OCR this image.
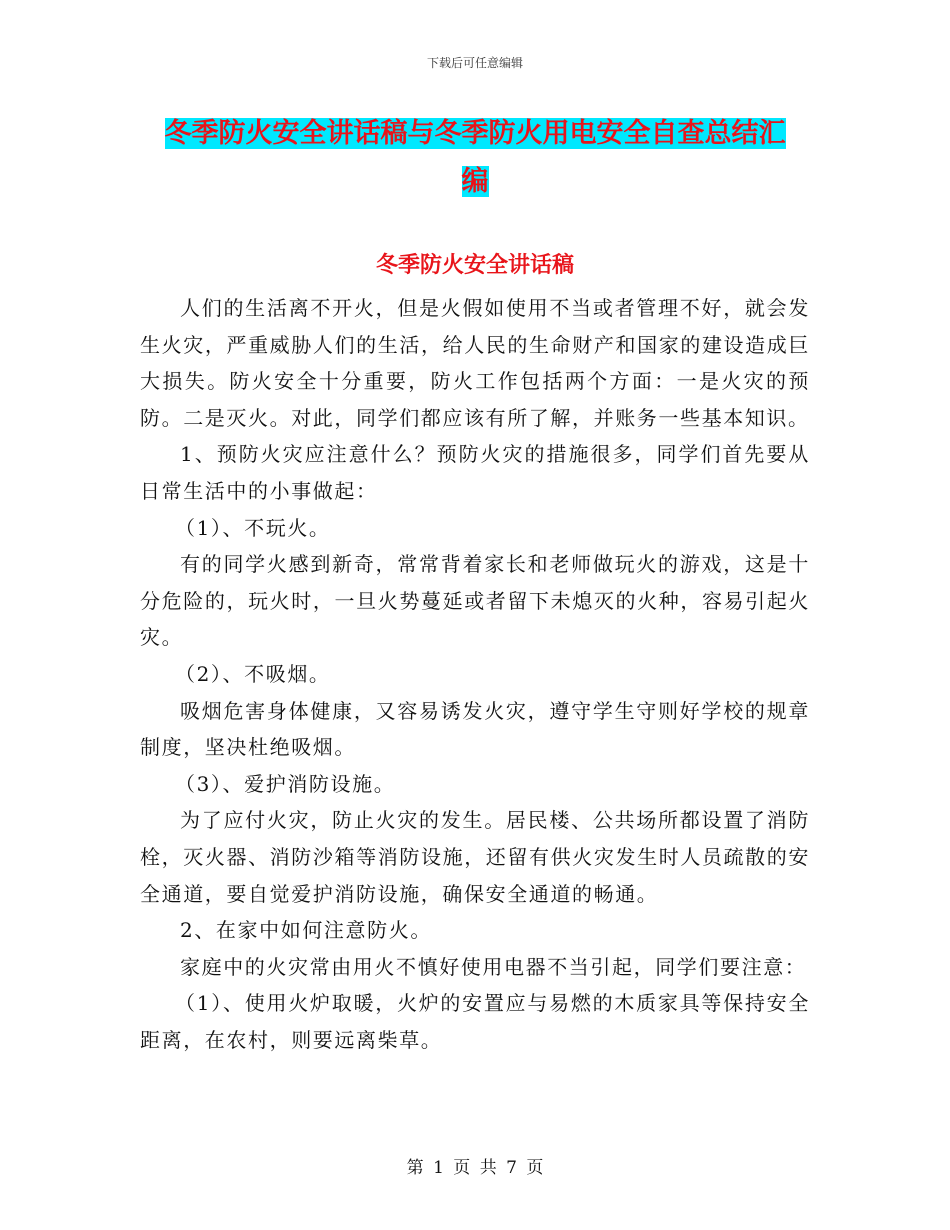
下载后可任意编辑
冬季防火安全讲话稿与冬季防火用电安全自查总结汇
编
冬季防火安全讲话稿

人们的生活离不开火，但是火假如使用不当或者管理不好，就会发生火灾，严重威胁人们的生活，给人民的生命财产和国家的建设造成巨大损失。防火安全十分重要，防火工作包括两个方面：一是火灾的预防。二是灭火。对此，同学们都应该有所了解，并账务一些基本知识。

1、预防火灾应注意什么？预防火灾的措施很多，同学们首先要从日常生活中的小事做起：

（1）、不玩火。

有的同学火感到新奇，常常背着家长和老师做玩火的游戏，这是十分危险的，玩火时，一旦火势蔓延或者留下未熄灭的火种，容易引起火灾。

（2）、不吸烟。

吸烟危害身体健康，又容易诱发火灾，遵守学生守则好学校的规章制度，坚决杜绝吸烟。

（3）、爱护消防设施。

为了应付火灾，防止火灾的发生。居民楼、公共场所都设置了消防栓，灭火器、消防沙箱等消防设施，还留有供火灾发生时人员疏散的安全通道，要自觉爱护消防设施，确保安全通道的畅通。

2、在家中如何注意防火。

家庭中的火灾常由用火不慎好使用电器不当引起，同学们要注意：

（1）、使用火炉取暖，火炉的安置应与易燃的木质家具等保持安全距离，在农村，则要远离柴草。

第 1 页 共 7 页
